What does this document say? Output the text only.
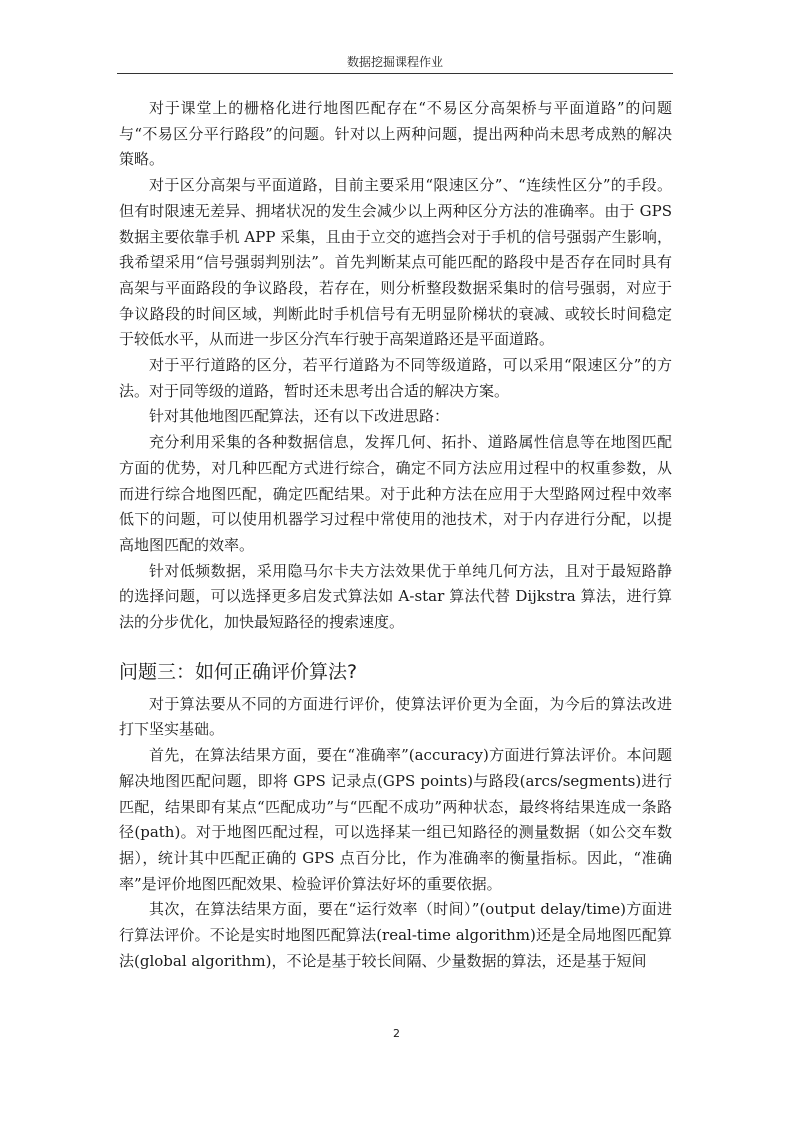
数据挖掘课程作业

对于课堂上的栅格化进行地图匹配存在“不易区分高架桥与平面道路”的问题与“不易区分平行路段”的问题。针对以上两种问题，提出两种尚未思考成熟的解决策略。

对于区分高架与平面道路，目前主要采用“限速区分”、“连续性区分”的手段。但有时限速无差异、拥堵状况的发生会减少以上两种区分方法的准确率。由于 GPS 数据主要依靠手机 APP 采集，且由于立交的遮挡会对于手机的信号强弱产生影响，我希望采用“信号强弱判别法”。首先判断某点可能匹配的路段中是否存在同时具有高架与平面路段的争议路段，若存在，则分析整段数据采集时的信号强弱，对应于争议路段的时间区域，判断此时手机信号有无明显阶梯状的衰减、或较长时间稳定于较低水平，从而进一步区分汽车行驶于高架道路还是平面道路。

对于平行道路的区分，若平行道路为不同等级道路，可以采用“限速区分”的方法。对于同等级的道路，暂时还未思考出合适的解决方案。

针对其他地图匹配算法，还有以下改进思路：

充分利用采集的各种数据信息，发挥几何、拓扑、道路属性信息等在地图匹配方面的优势，对几种匹配方式进行综合，确定不同方法应用过程中的权重参数，从而进行综合地图匹配，确定匹配结果。对于此种方法在应用于大型路网过程中效率低下的问题，可以使用机器学习过程中常使用的池技术，对于内存进行分配，以提高地图匹配的效率。

针对低频数据，采用隐马尔卡夫方法效果优于单纯几何方法，且对于最短路静的选择问题，可以选择更多启发式算法如 A-star 算法代替 Dijkstra 算法，进行算法的分步优化，加快最短路径的搜索速度。

问题三：如何正确评价算法?

对于算法要从不同的方面进行评价，使算法评价更为全面，为今后的算法改进打下坚实基础。

首先，在算法结果方面，要在“准确率”(accuracy)方面进行算法评价。本问题解决地图匹配问题，即将 GPS 记录点(GPS points)与路段(arcs/segments)进行匹配，结果即有某点“匹配成功”与“匹配不成功”两种状态，最终将结果连成一条路径(path)。对于地图匹配过程，可以选择某一组已知路径的测量数据（如公交车数据），统计其中匹配正确的 GPS 点百分比，作为准确率的衡量指标。因此，“准确率”是评价地图匹配效果、检验评价算法好坏的重要依据。

其次，在算法结果方面，要在“运行效率（时间）”(output delay/time)方面进行算法评价。不论是实时地图匹配算法(real-time algorithm)还是全局地图匹配算法(global algorithm)，不论是基于较长间隔、少量数据的算法，还是基于短间

2
